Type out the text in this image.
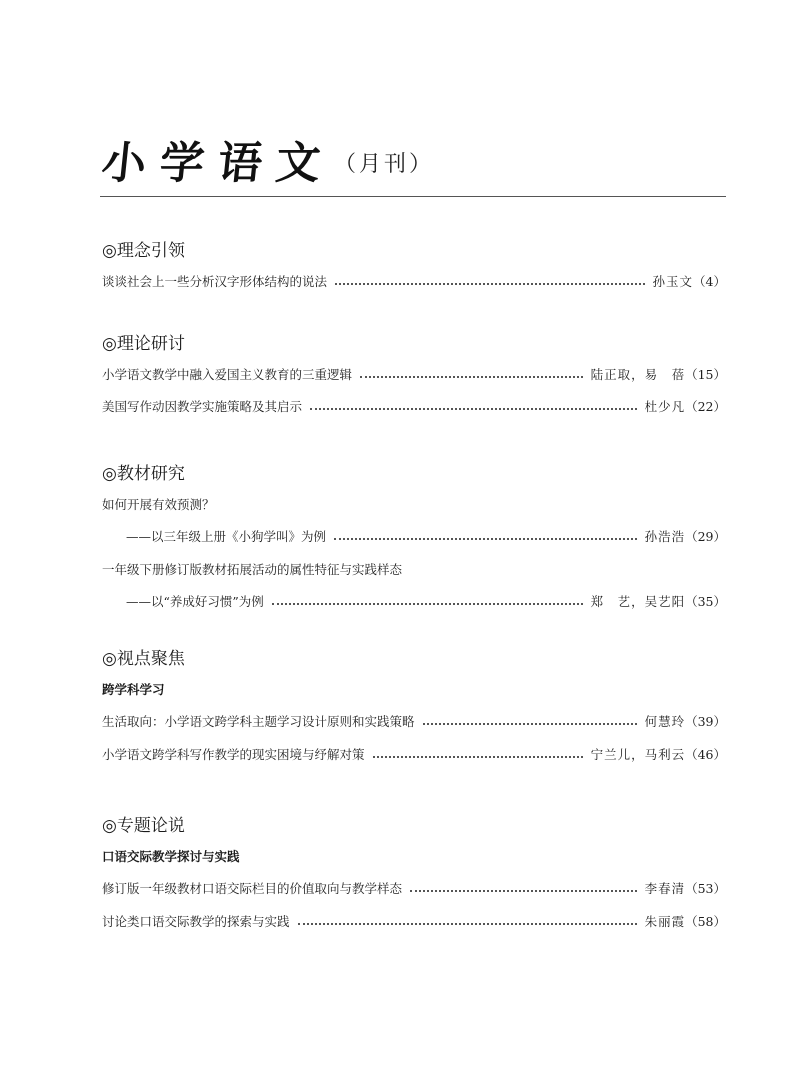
小学语文
（月刊）
◎理念引领
谈谈社会上一些分析汉字形体结构的说法	孙玉文 （4）
◎理论研讨
小学语文教学中融入爱国主义教育的三重逻辑	陆正取，易　蓓 （15）
美国写作动因教学实施策略及其启示	杜少凡 （22）
◎教材研究
如何开展有效预测？
——以三年级上册《小狗学叫》为例	孙浩浩 （29）
一年级下册修订版教材拓展活动的属性特征与实践样态
——以“养成好习惯”为例	郑　艺，吴艺阳 （35）
◎视点聚焦
跨学科学习
生活取向：小学语文跨学科主题学习设计原则和实践策略	何慧玲 （39）
小学语文跨学科写作教学的现实困境与纾解对策	宁兰儿，马利云 （46）
◎专题论说
口语交际教学探讨与实践
修订版一年级教材口语交际栏目的价值取向与教学样态	李春清 （53）
讨论类口语交际教学的探索与实践	朱丽霞 （58）
